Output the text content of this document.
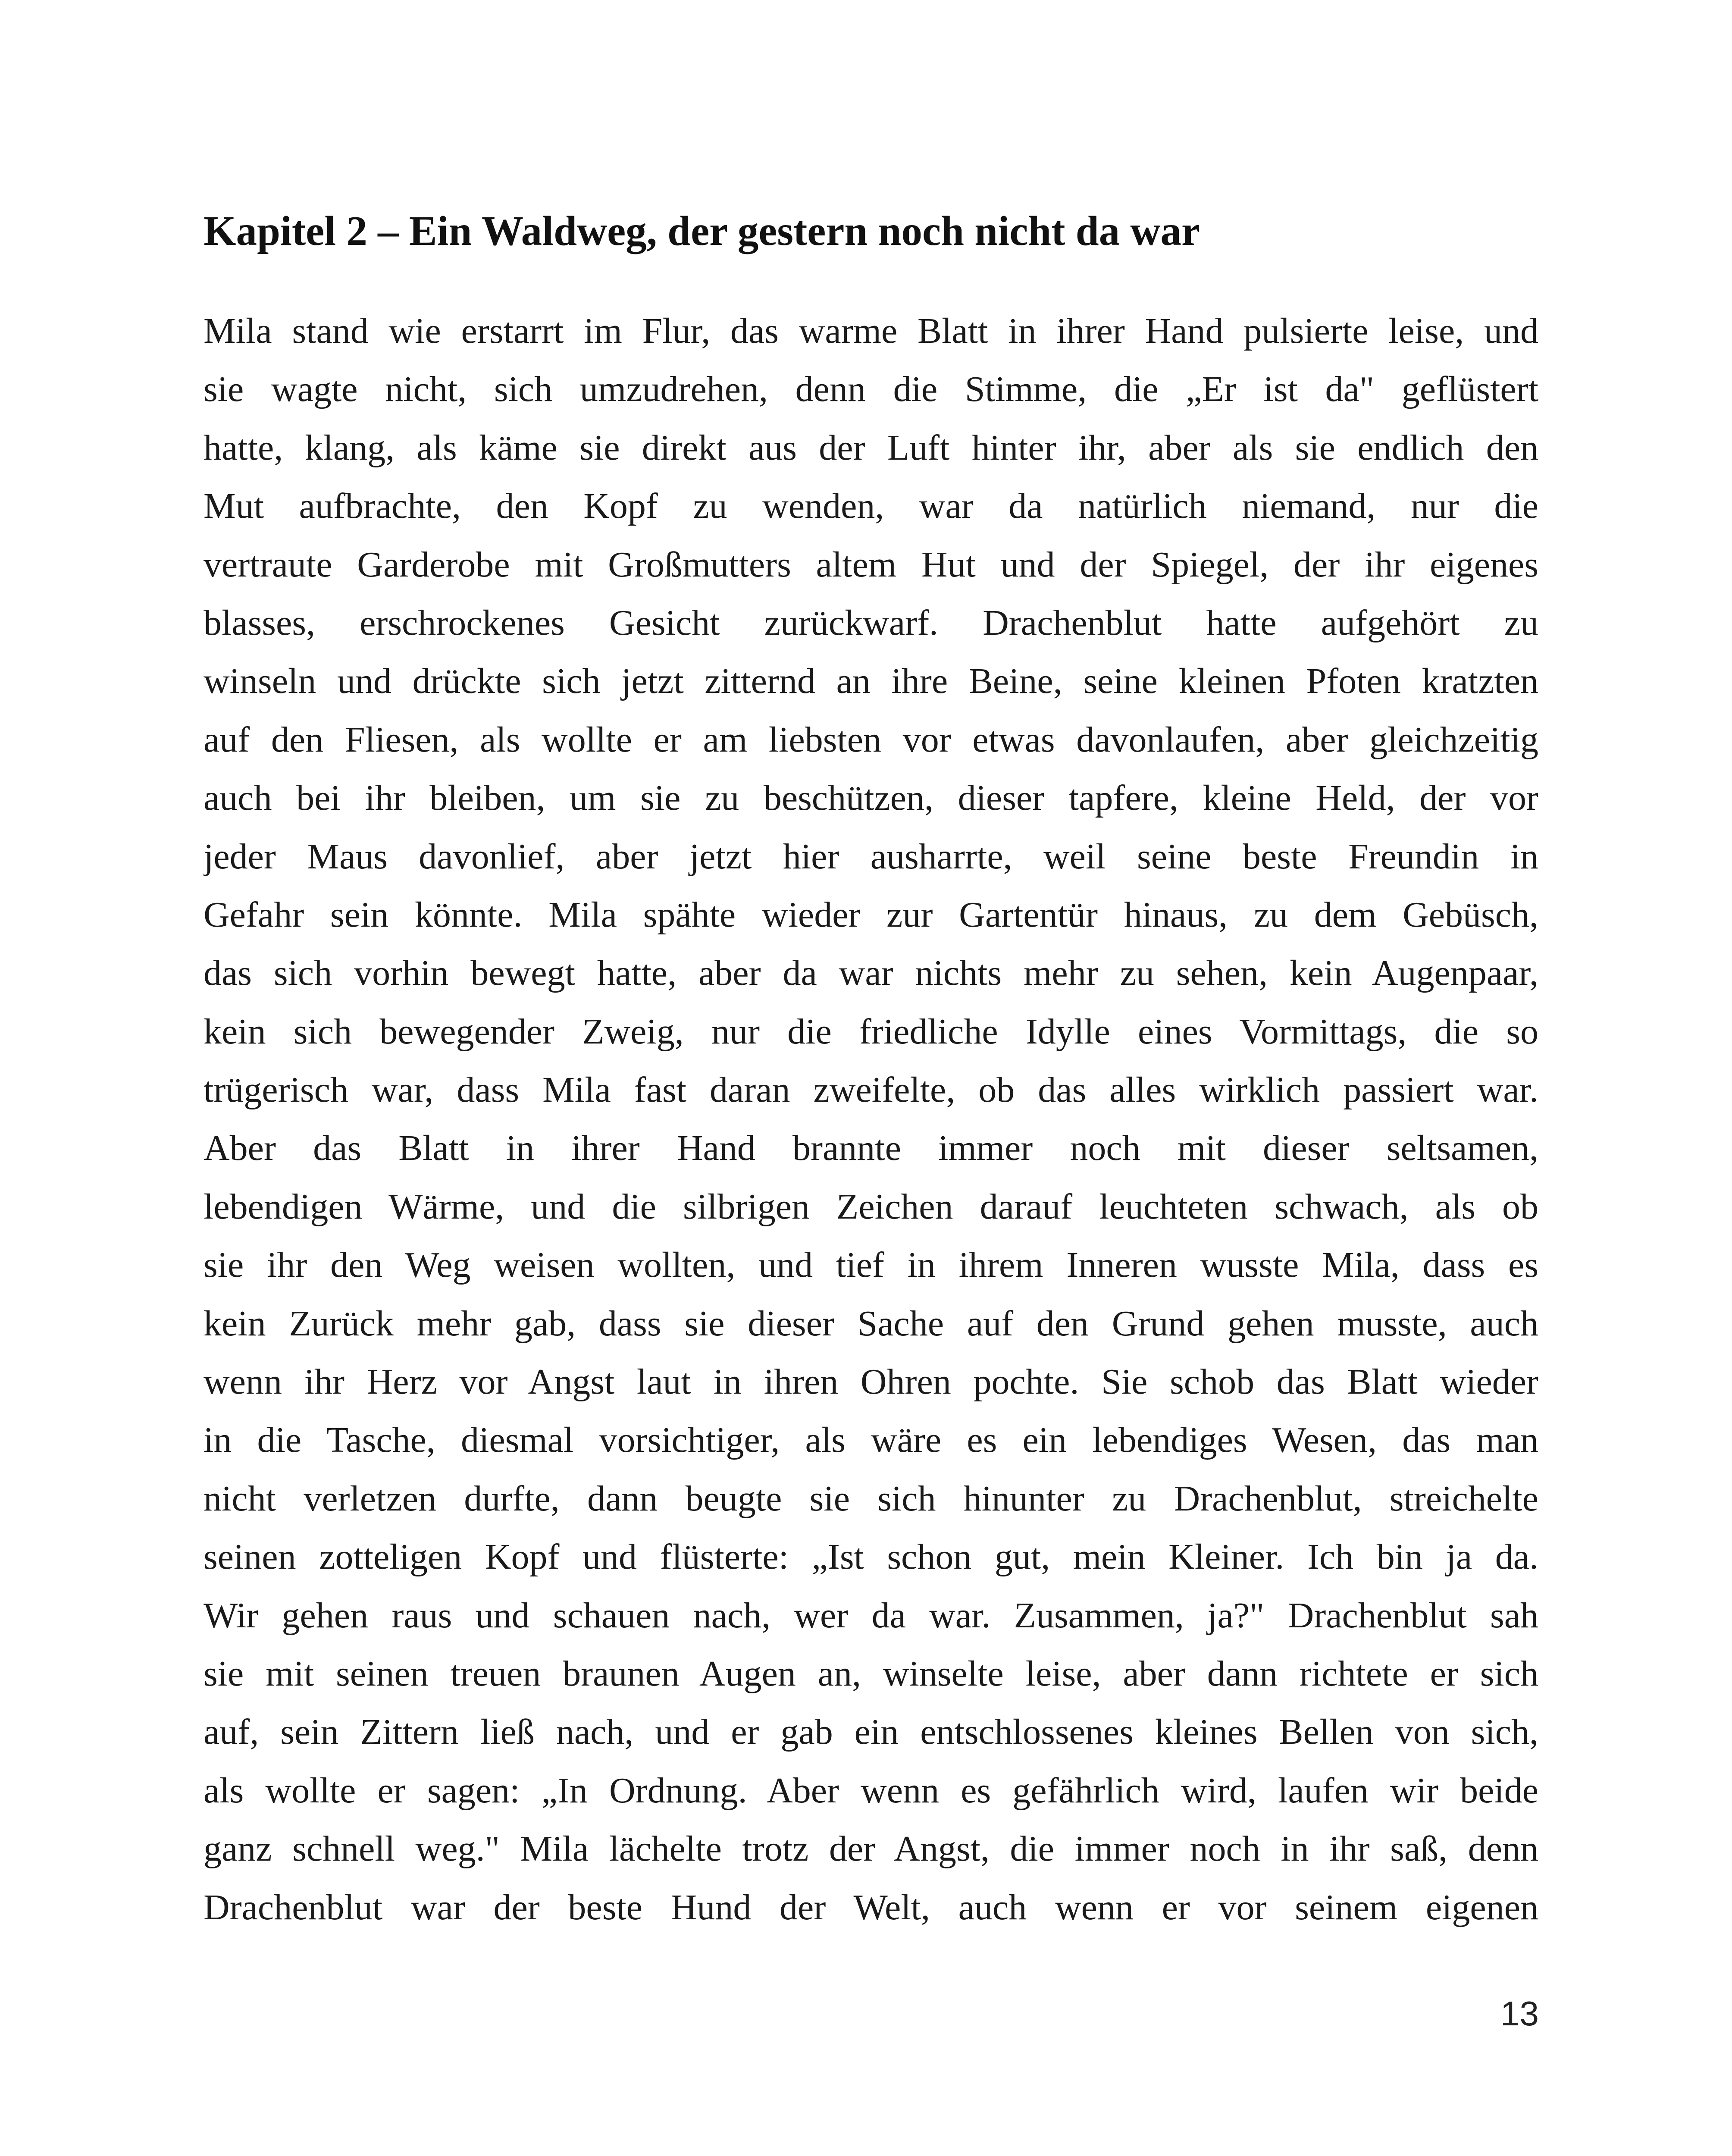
Kapitel 2 – Ein Waldweg, der gestern noch nicht da war
Mila stand wie erstarrt im Flur, das warme Blatt in ihrer Hand pulsierte leise, und
sie wagte nicht, sich umzudrehen, denn die Stimme, die „Er ist da" geflüstert
hatte, klang, als käme sie direkt aus der Luft hinter ihr, aber als sie endlich den
Mut aufbrachte, den Kopf zu wenden, war da natürlich niemand, nur die
vertraute Garderobe mit Großmutters altem Hut und der Spiegel, der ihr eigenes
blasses, erschrockenes Gesicht zurückwarf. Drachenblut hatte aufgehört zu
winseln und drückte sich jetzt zitternd an ihre Beine, seine kleinen Pfoten kratzten
auf den Fliesen, als wollte er am liebsten vor etwas davonlaufen, aber gleichzeitig
auch bei ihr bleiben, um sie zu beschützen, dieser tapfere, kleine Held, der vor
jeder Maus davonlief, aber jetzt hier ausharrte, weil seine beste Freundin in
Gefahr sein könnte. Mila spähte wieder zur Gartentür hinaus, zu dem Gebüsch,
das sich vorhin bewegt hatte, aber da war nichts mehr zu sehen, kein Augenpaar,
kein sich bewegender Zweig, nur die friedliche Idylle eines Vormittags, die so
trügerisch war, dass Mila fast daran zweifelte, ob das alles wirklich passiert war.
Aber das Blatt in ihrer Hand brannte immer noch mit dieser seltsamen,
lebendigen Wärme, und die silbrigen Zeichen darauf leuchteten schwach, als ob
sie ihr den Weg weisen wollten, und tief in ihrem Inneren wusste Mila, dass es
kein Zurück mehr gab, dass sie dieser Sache auf den Grund gehen musste, auch
wenn ihr Herz vor Angst laut in ihren Ohren pochte. Sie schob das Blatt wieder
in die Tasche, diesmal vorsichtiger, als wäre es ein lebendiges Wesen, das man
nicht verletzen durfte, dann beugte sie sich hinunter zu Drachenblut, streichelte
seinen zotteligen Kopf und flüsterte: „Ist schon gut, mein Kleiner. Ich bin ja da.
Wir gehen raus und schauen nach, wer da war. Zusammen, ja?" Drachenblut sah
sie mit seinen treuen braunen Augen an, winselte leise, aber dann richtete er sich
auf, sein Zittern ließ nach, und er gab ein entschlossenes kleines Bellen von sich,
als wollte er sagen: „In Ordnung. Aber wenn es gefährlich wird, laufen wir beide
ganz schnell weg." Mila lächelte trotz der Angst, die immer noch in ihr saß, denn
Drachenblut war der beste Hund der Welt, auch wenn er vor seinem eigenen
13
